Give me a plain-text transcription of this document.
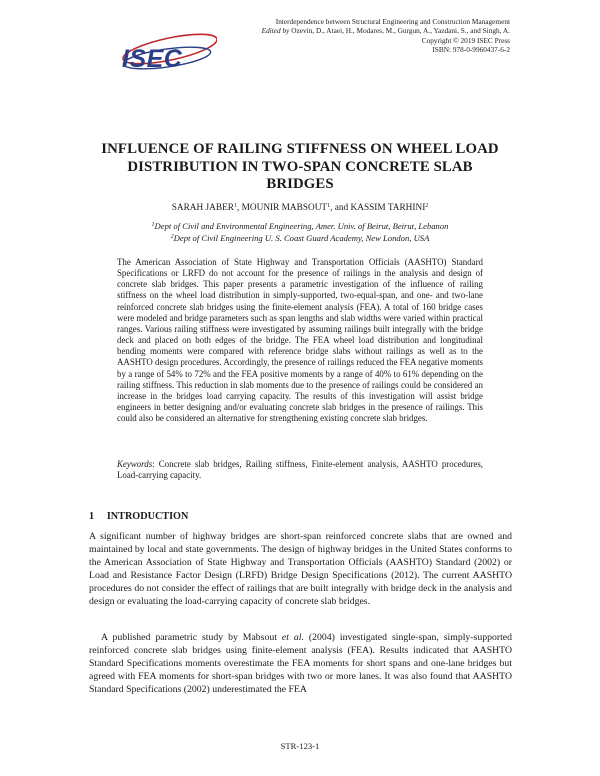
ISEC
Interdependence between Structural Engineering and Construction Management
Edited by Ozevin, D., Ataei, H., Modares, M., Gurgun, A., Yazdani, S., and Singh, A.
Copyright © 2019 ISEC Press
ISBN: 978-0-9960437-6-2
INFLUENCE OF RAILING STIFFNESS ON WHEEL LOAD DISTRIBUTION IN TWO-SPAN CONCRETE SLAB BRIDGES
SARAH JABER$^1$, MOUNIR MABSOUT$^1$, and KASSIM TARHINI$^2$
$^1$Dept of Civil and Environmental Engineering, Amer. Univ. of Beirut, Beirut, Lebanon
$^2$Dept of Civil Engineering U. S. Coast Guard Academy, New London, USA

The American Association of State Highway and Transportation Officials (AASHTO) Standard Specifications or LRFD do not account for the presence of railings in the analysis and design of concrete slab bridges. This paper presents a parametric investigation of the influence of railing stiffness on the wheel load distribution in simply-supported, two-equal-span, and one- and two-lane reinforced concrete slab bridges using the finite-element analysis (FEA). A total of 160 bridge cases were modeled and bridge parameters such as span lengths and slab widths were varied within practical ranges. Various railing stiffness were investigated by assuming railings built integrally with the bridge deck and placed on both edges of the bridge. The FEA wheel load distribution and longitudinal bending moments were compared with reference bridge slabs without railings as well as to the AASHTO design procedures. Accordingly, the presence of railings reduced the FEA negative moments by a range of 54% to 72% and the FEA positive moments by a range of 40% to 61% depending on the railing stiffness. This reduction in slab moments due to the presence of railings could be considered an increase in the bridges load carrying capacity. The results of this investigation will assist bridge engineers in better designing and/or evaluating concrete slab bridges in the presence of railings. This could also be considered an alternative for strengthening existing concrete slab bridges.

Keywords: Concrete slab bridges, Railing stiffness, Finite-element analysis, AASHTO procedures, Load-carrying capacity.

1     INTRODUCTION

A significant number of highway bridges are short-span reinforced concrete slabs that are owned and maintained by local and state governments. The design of highway bridges in the United States conforms to the American Association of State Highway and Transportation Officials (AASHTO) Standard (2002) or Load and Resistance Factor Design (LRFD) Bridge Design Specifications (2012). The current AASHTO procedures do not consider the effect of railings that are built integrally with bridge deck in the analysis and design or evaluating the load-carrying capacity of concrete slab bridges.

A published parametric study by Mabsout et al. (2004) investigated single-span, simply-supported reinforced concrete slab bridges using finite-element analysis (FEA). Results indicated that AASHTO Standard Specifications moments overestimate the FEA moments for short spans and one-lane bridges but agreed with FEA moments for short-span bridges with two or more lanes. It was also found that AASHTO Standard Specifications (2002) underestimated the FEA

STR-123-1
